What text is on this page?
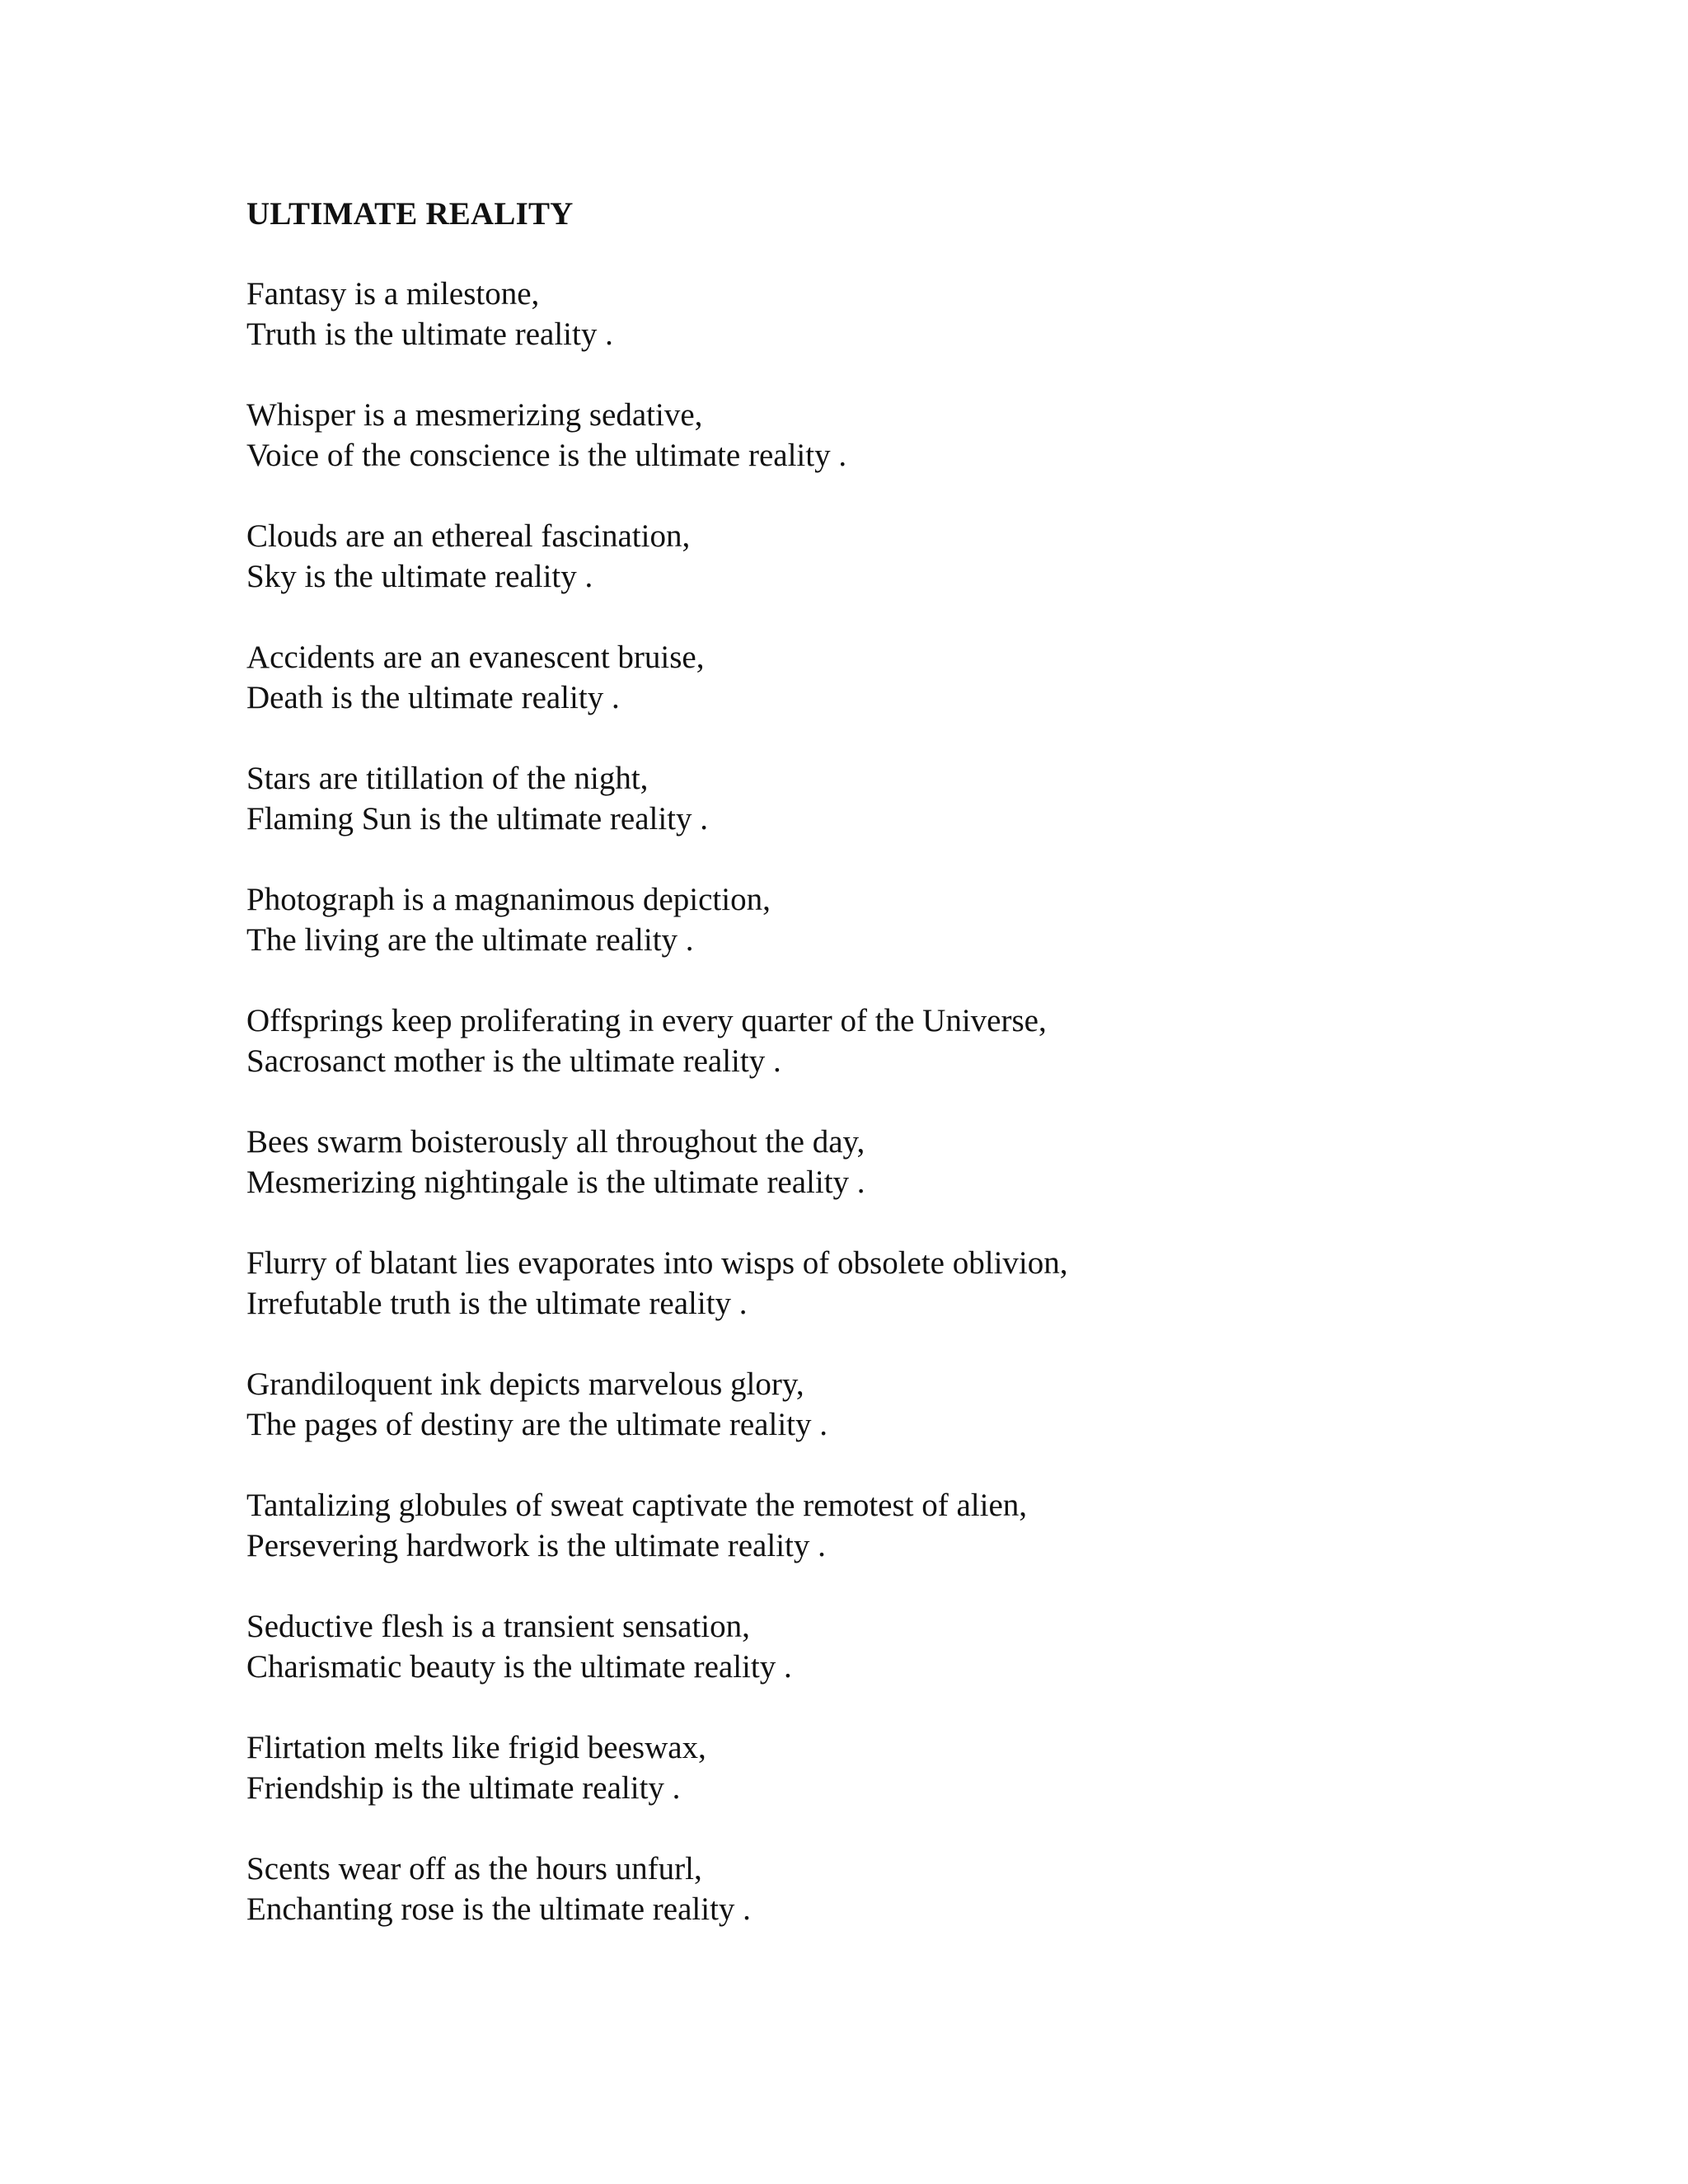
ULTIMATE REALITY
Fantasy is a milestone,
Truth is the ultimate reality .
Whisper is a mesmerizing sedative,
Voice of the conscience is the ultimate reality .
Clouds are an ethereal fascination,
Sky is the ultimate reality .
Accidents are an evanescent bruise,
Death is the ultimate reality .
Stars are titillation of the night,
Flaming Sun is the ultimate reality .
Photograph is a magnanimous depiction,
The living are the ultimate reality .
Offsprings keep proliferating in every quarter of the Universe,
Sacrosanct mother is the ultimate reality .
Bees swarm boisterously all throughout the day,
Mesmerizing nightingale is the ultimate reality .
Flurry of blatant lies evaporates into wisps of obsolete oblivion,
Irrefutable truth is the ultimate reality .
Grandiloquent ink depicts marvelous glory,
The pages of destiny are the ultimate reality .
Tantalizing globules of sweat captivate the remotest of alien,
Persevering hardwork is the ultimate reality .
Seductive flesh is a transient sensation,
Charismatic beauty is the ultimate reality .
Flirtation melts like frigid beeswax,
Friendship is the ultimate reality .
Scents wear off as the hours unfurl,
Enchanting rose is the ultimate reality .
